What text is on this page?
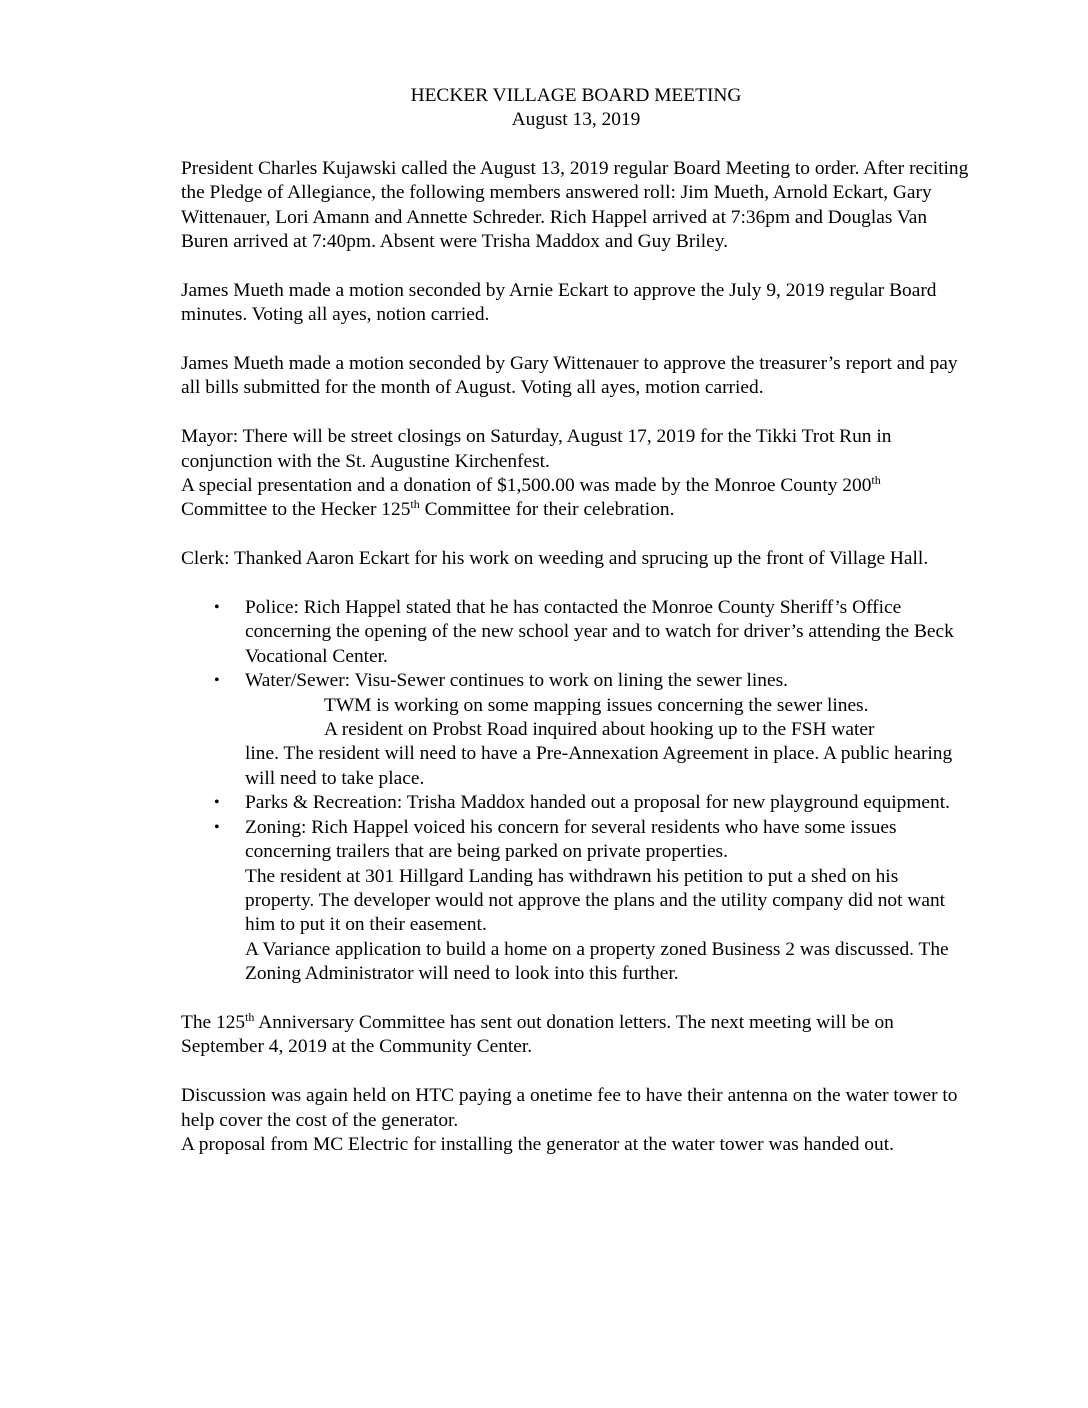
HECKER VILLAGE BOARD MEETING

August 13, 2019

President Charles Kujawski called the August 13, 2019 regular Board Meeting to order. After reciting the Pledge of Allegiance, the following members answered roll: Jim Mueth, Arnold Eckart, Gary Wittenauer, Lori Amann and Annette Schreder. Rich Happel arrived at 7:36pm and Douglas Van Buren arrived at 7:40pm. Absent were Trisha Maddox and Guy Briley.

James Mueth made a motion seconded by Arnie Eckart to approve the July 9, 2019 regular Board minutes. Voting all ayes, notion carried.

James Mueth made a motion seconded by Gary Wittenauer to approve the treasurer’s report and pay all bills submitted for the month of August. Voting all ayes, motion carried.

Mayor: There will be street closings on Saturday, August 17, 2019 for the Tikki Trot Run in conjunction with the St. Augustine Kirchenfest.

A special presentation and a donation of $1,500.00 was made by the Monroe County 200th Committee to the Hecker 125th Committee for their celebration.

Clerk: Thanked Aaron Eckart for his work on weeding and sprucing up the front of Village Hall.

• Police: Rich Happel stated that he has contacted the Monroe County Sheriff’s Office concerning the opening of the new school year and to watch for driver’s attending the Beck Vocational Center.
• Water/Sewer: Visu-Sewer continues to work on lining the sewer lines.
TWM is working on some mapping issues concerning the sewer lines.
A resident on Probst Road inquired about hooking up to the FSH water
line. The resident will need to have a Pre-Annexation Agreement in place. A public hearing will need to take place.
• Parks & Recreation: Trisha Maddox handed out a proposal for new playground equipment.
• Zoning: Rich Happel voiced his concern for several residents who have some issues concerning trailers that are being parked on private properties.
The resident at 301 Hillgard Landing has withdrawn his petition to put a shed on his property. The developer would not approve the plans and the utility company did not want him to put it on their easement.
A Variance application to build a home on a property zoned Business 2 was discussed. The Zoning Administrator will need to look into this further.

The 125th Anniversary Committee has sent out donation letters. The next meeting will be on September 4, 2019 at the Community Center.

Discussion was again held on HTC paying a onetime fee to have their antenna on the water tower to help cover the cost of the generator.

A proposal from MC Electric for installing the generator at the water tower was handed out.
